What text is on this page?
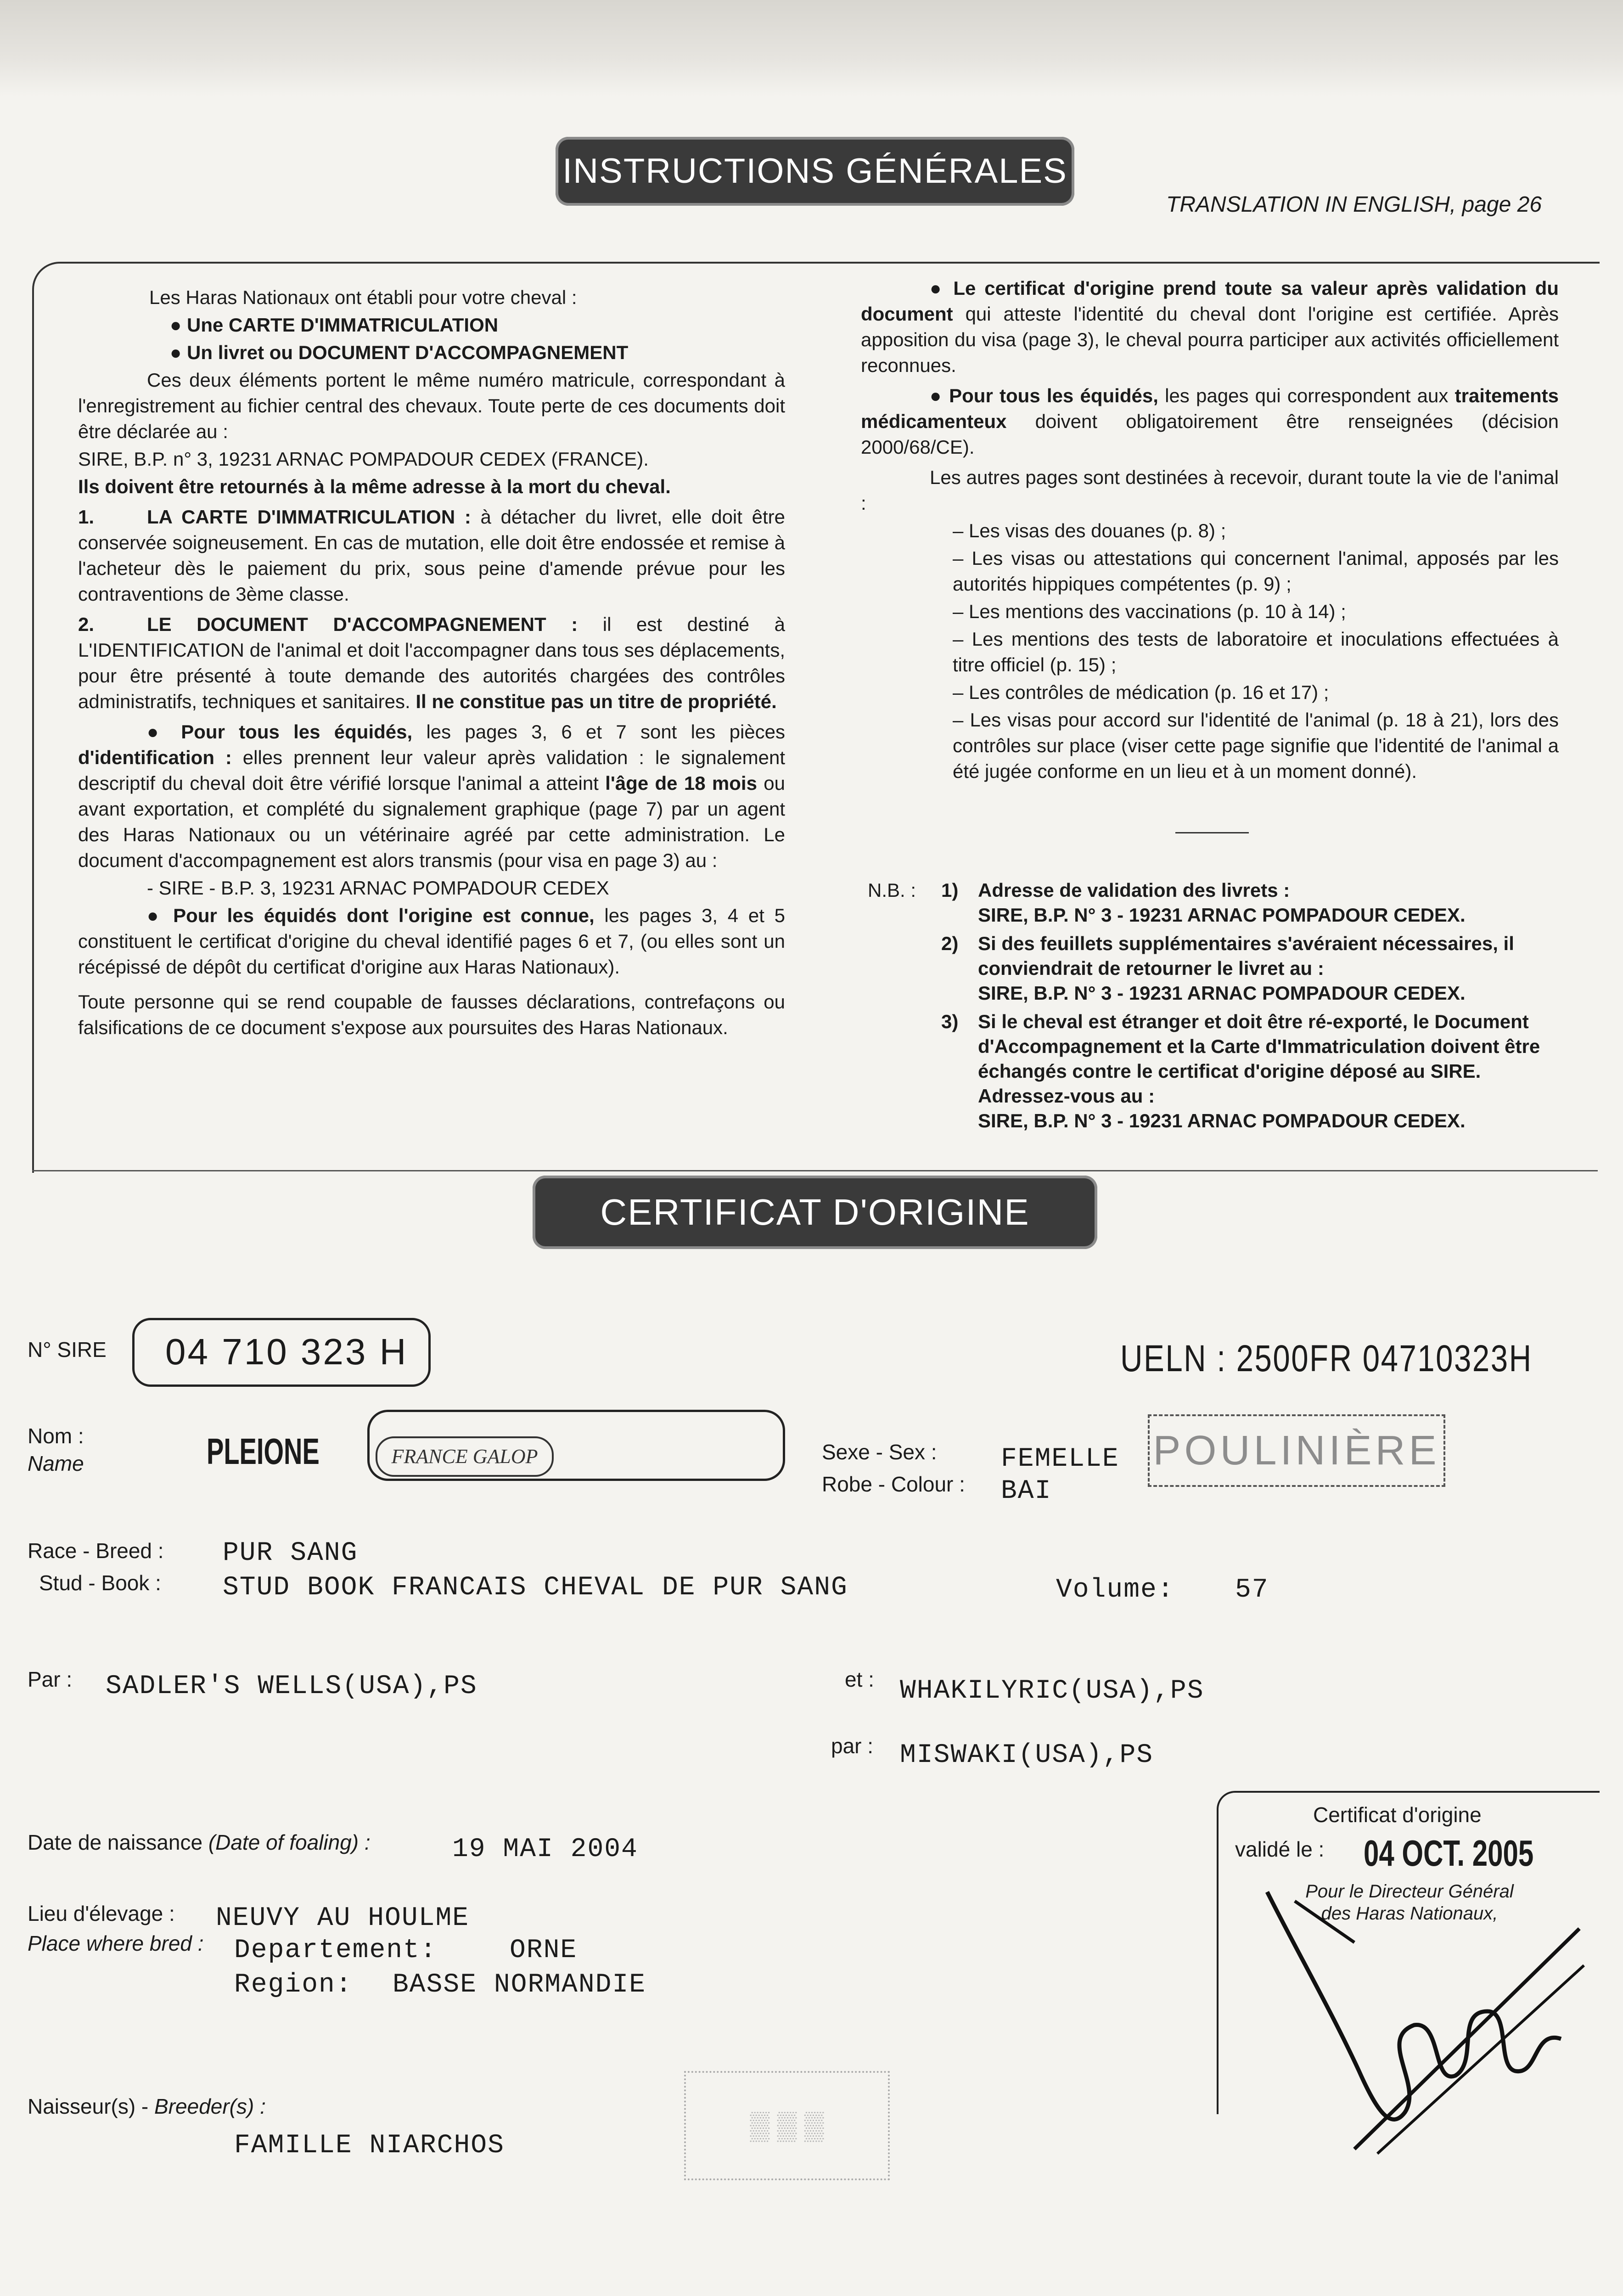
INSTRUCTIONS GÉNÉRALES
TRANSLATION IN ENGLISH, page 26

Les Haras Nationaux ont établi pour votre cheval :

● Une CARTE D'IMMATRICULATION

● Un livret ou DOCUMENT D'ACCOMPAGNEMENT

Ces deux éléments portent le même numéro matricule, correspondant à l'enregistrement au fichier central des chevaux. Toute perte de ces documents doit être déclarée au :

SIRE, B.P. n° 3, 19231 ARNAC POMPADOUR CEDEX (FRANCE).

Ils doivent être retournés à la même adresse à la mort du cheval.

1.	LA CARTE D'IMMATRICULATION : à détacher du livret, elle doit être conservée soigneusement. En cas de mutation, elle doit être endossée et remise à l'acheteur dès le paiement du prix, sous peine d'amende prévue pour les contraventions de 3ème classe.

2.	LE DOCUMENT D'ACCOMPAGNEMENT : il est destiné à L'IDENTIFICATION de l'animal et doit l'accompagner dans tous ses déplacements, pour être présenté à toute demande des autorités chargées des contrôles administratifs, techniques et sanitaires. Il ne constitue pas un titre de propriété.

● Pour tous les équidés, les pages 3, 6 et 7 sont les pièces d'identification : elles prennent leur valeur après validation : le signalement descriptif du cheval doit être vérifié lorsque l'animal a atteint l'âge de 18 mois ou avant exportation, et complété du signalement graphique (page 7) par un agent des Haras Nationaux ou un vétérinaire agréé par cette administration. Le document d'accompagnement est alors transmis (pour visa en page 3) au :

- SIRE - B.P. 3, 19231 ARNAC POMPADOUR CEDEX

● Pour les équidés dont l'origine est connue, les pages 3, 4 et 5 constituent le certificat d'origine du cheval identifié pages 6 et 7, (ou elles sont un récépissé de dépôt du certificat d'origine aux Haras Nationaux).

Toute personne qui se rend coupable de fausses déclarations, contrefaçons ou falsifications de ce document s'expose aux poursuites des Haras Nationaux.

● Le certificat d'origine prend toute sa valeur après validation du document qui atteste l'identité du cheval dont l'origine est certifiée. Après apposition du visa (page 3), le cheval pourra participer aux activités officiellement reconnues.

● Pour tous les équidés, les pages qui correspondent aux traitements médicamenteux doivent obligatoirement être renseignées (décision 2000/68/CE).

Les autres pages sont destinées à recevoir, durant toute la vie de l'animal :

– Les visas des douanes (p. 8) ;

– Les visas ou attestations qui concernent l'animal, apposés par les autorités hippiques compétentes (p. 9) ;

– Les mentions des vaccinations (p. 10 à 14) ;

– Les mentions des tests de laboratoire et inoculations effectuées à titre officiel (p. 15) ;

– Les contrôles de médication (p. 16 et 17) ;

– Les visas pour accord sur l'identité de l'animal (p. 18 à 21), lors des contrôles sur place (viser cette page signifie que l'identité de l'animal a été jugée conforme en un lieu et à un moment donné).

N.B. : 1) Adresse de validation des livrets :
SIRE, B.P. N° 3 - 19231 ARNAC POMPADOUR CEDEX.
2) Si des feuillets supplémentaires s'avéraient nécessaires, il conviendrait de retourner le livret au :
SIRE, B.P. N° 3 - 19231 ARNAC POMPADOUR CEDEX.
3) Si le cheval est étranger et doit être ré-exporté, le Document d'Accompagnement et la Carte d'Immatriculation doivent être échangés contre le certificat d'origine déposé au SIRE.
Adressez-vous au :
SIRE, B.P. N° 3 - 19231 ARNAC POMPADOUR CEDEX.
CERTIFICAT D'ORIGINE
N° SIRE 04 710 323 H	UELN : 2500FR 04710323H
Nom :
Name	PLEIONE	FRANCE GALOP	Sexe - Sex : FEMELLE POULINIÈRE
Robe - Colour : BAI
Race - Breed : PUR SANG
Stud - Book : STUD BOOK FRANCAIS CHEVAL DE PUR SANG	Volume: 57
Par : SADLER'S WELLS(USA),PS	et : WHAKILYRIC(USA),PS
par : MISWAKI(USA),PS
Date de naissance (Date of foaling) :	19 MAI 2004
Lieu d'élevage :
Place where bred :
NEUVY AU HOULME
Departement:	ORNE
Region: BASSE NORMANDIE
Naisseur(s) - Breeder(s) :
FAMILLE NIARCHOS
▒ ▒ ▒
Certificat d'origine
validé le : 04 OCT. 2005
Pour le Directeur Général des Haras Nationaux,
